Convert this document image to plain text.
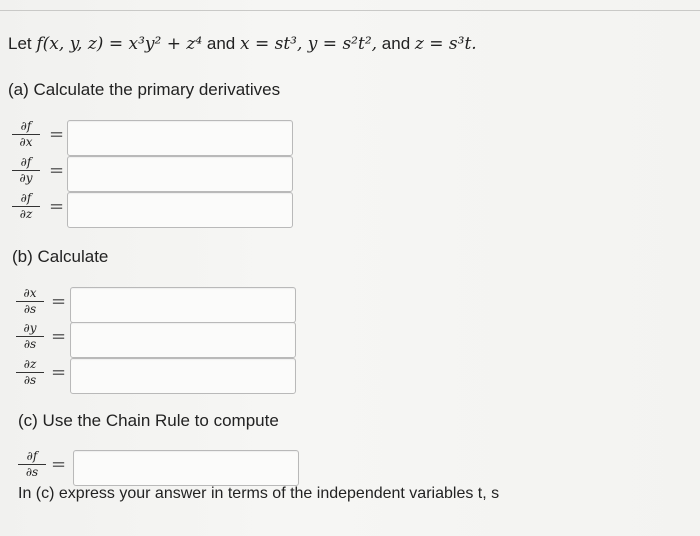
Let f(x, y, z) = x³y² + z⁴ and x = st³, y = s²t², and z = s³t.
(a) Calculate the primary derivatives
$\frac{\partial f}{\partial x}$ =
$\frac{\partial f}{\partial y}$ =
$\frac{\partial f}{\partial z}$ =
(b) Calculate
$\frac{\partial x}{\partial s}$ =
$\frac{\partial y}{\partial s}$ =
$\frac{\partial z}{\partial s}$ =
(c) Use the Chain Rule to compute
$\frac{\partial f}{\partial s}$ =
In (c) express your answer in terms of the independent variables t, s
